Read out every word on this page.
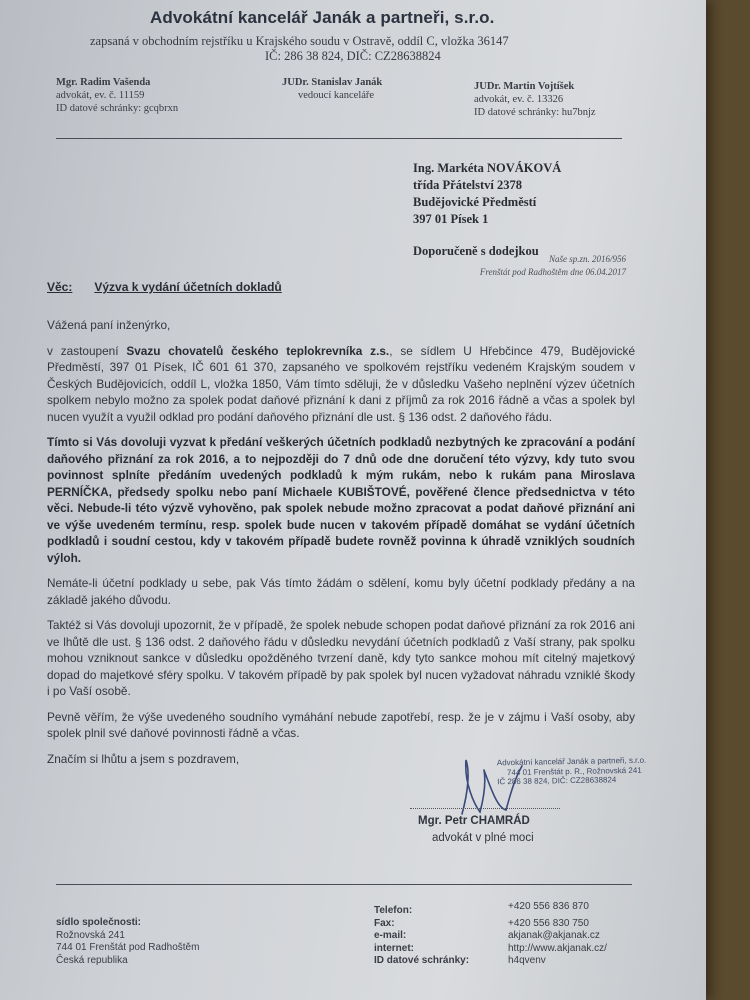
Advokátní kancelář Janák a partneři, s.r.o.
zapsaná v obchodním rejstříku u Krajského soudu v Ostravě, oddíl C, vložka 36147
IČ: 286 38 824, DIČ: CZ28638824
Mgr. Radim Vašenda
advokát, ev. č. 11159
ID datové schránky: gcqbrxn
JUDr. Stanislav Janák
vedoucí kanceláře
JUDr. Martin Vojtíšek
advokát, ev. č. 13326
ID datové schránky: hu7bnjz
Ing. Markéta NOVÁKOVÁ
třída Přátelství 2378
Budějovické Předměstí
397 01 Písek 1
Doporučeně s dodejkou
Naše sp.zn. 2016/956
Frenštát pod Radhoštěm dne 06.04.2017
Věc: Výzva k vydání účetních dokladů

Vážená paní inženýrko,

v zastoupení Svazu chovatelů českého teplokrevníka z.s., se sídlem U Hřebčince 479, Budějovické Předměstí, 397 01 Písek, IČ 601 61 370, zapsaného ve spolkovém rejstříku vedeném Krajským soudem v Českých Budějovicích, oddíl L, vložka 1850, Vám tímto sděluji, že v důsledku Vašeho neplnění výzev účetních spolkem nebylo možno za spolek podat daňové přiznání k dani z příjmů za rok 2016 řádně a včas a spolek byl nucen využít a využil odklad pro podání daňového přiznání dle ust. § 136 odst. 2 daňového řádu.

Tímto si Vás dovoluji vyzvat k předání veškerých účetních podkladů nezbytných ke zpracování a podání daňového přiznání za rok 2016, a to nejpozději do 7 dnů ode dne doručení této výzvy, kdy tuto svou povinnost splníte předáním uvedených podkladů k mým rukám, nebo k rukám pana Miroslava PERNÍČKA, předsedy spolku nebo paní Michaele KUBIŠTOVÉ, pověřené člence předsednictva v této věci. Nebude-li této výzvě vyhověno, pak spolek nebude možno zpracovat a podat daňové přiznání ani ve výše uvedeném termínu, resp. spolek bude nucen v takovém případě domáhat se vydání účetních podkladů i soudní cestou, kdy v takovém případě budete rovněž povinna k úhradě vzniklých soudních výloh.

Nemáte-li účetní podklady u sebe, pak Vás tímto žádám o sdělení, komu byly účetní podklady předány a na základě jakého důvodu.

Taktéž si Vás dovoluji upozornit, že v případě, že spolek nebude schopen podat daňové přiznání za rok 2016 ani ve lhůtě dle ust. § 136 odst. 2 daňového řádu v důsledku nevydání účetních podkladů z Vaší strany, pak spolku mohou vzniknout sankce v důsledku opožděného tvrzení daně, kdy tyto sankce mohou mít citelný majetkový dopad do majetkové sféry spolku. V takovém případě by pak spolek byl nucen vyžadovat náhradu vzniklé škody i po Vaší osobě.

Pevně věřím, že výše uvedeného soudního vymáhání nebude zapotřebí, resp. že je v zájmu i Vaší osoby, aby spolek plnil své daňové povinnosti řádně a včas.

Značím si lhůtu a jsem s pozdravem,	Advokátní kancelář Janák a partneři, s.r.o.
744 01 Frenštát p. R., Rožnovská 241
IČ 286 38 824, DIČ: CZ28638824
Mgr. Petr CHAMRÁD
advokát v plné moci
sídlo společnosti:
Rožnovská 241
744 01 Frenštát pod Radhoštěm
Česká republika
Telefon:	+420 556 836 870
Fax:	+420 556 830 750
e-mail:	akjanak@akjanak.cz
internet:	http://www.akjanak.cz/
ID datové schránky:	h4qvenv
